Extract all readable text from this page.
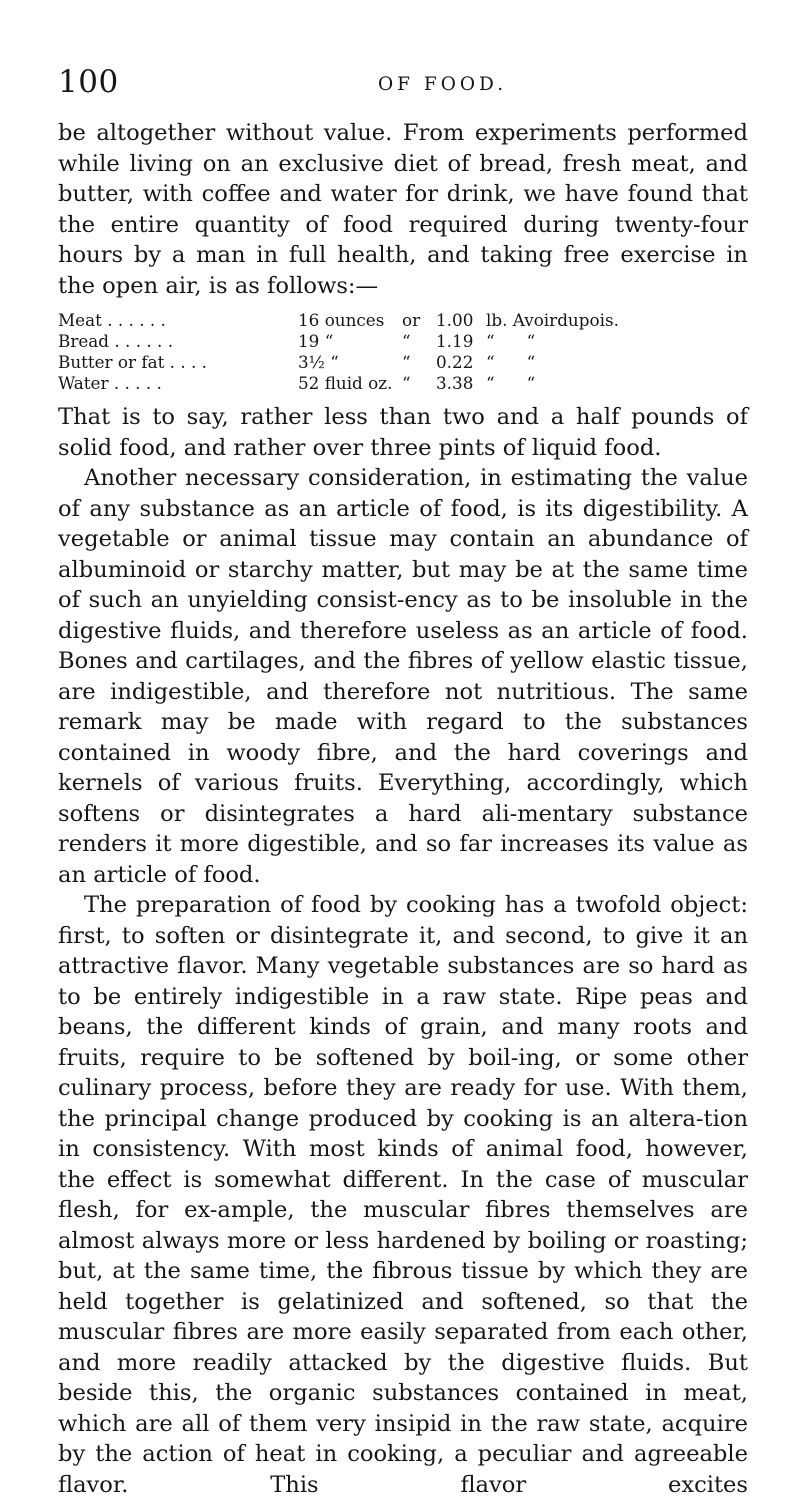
100	OF FOOD.

be altogether without value. From experiments performed while living on an exclusive diet of bread, fresh meat, and butter, with coffee and water for drink, we have found that the entire quantity of food required during twenty-four hours by a man in full health, and taking free exercise in the open air, is as follows:—

Meat . . . . . .	16 ounces	or	1.00	lb. Avoirdupois.
Bread . . . . . .	19 “	“	1.19	“      “
Butter or fat . . . .	3½ “	“	0.22	“      “
Water . . . . .	52 fluid oz.	“	3.38	“      “

That is to say, rather less than two and a half pounds of solid food, and rather over three pints of liquid food.

Another necessary consideration, in estimating the value of any substance as an article of food, is its digestibility. A vegetable or animal tissue may contain an abundance of albuminoid or starchy matter, but may be at the same time of such an unyielding consist-ency as to be insoluble in the digestive fluids, and therefore useless as an article of food. Bones and cartilages, and the fibres of yellow elastic tissue, are indigestible, and therefore not nutritious. The same remark may be made with regard to the substances contained in woody fibre, and the hard coverings and kernels of various fruits. Everything, accordingly, which softens or disintegrates a hard ali-mentary substance renders it more digestible, and so far increases its value as an article of food.

The preparation of food by cooking has a twofold object: first, to soften or disintegrate it, and second, to give it an attractive flavor. Many vegetable substances are so hard as to be entirely indigestible in a raw state. Ripe peas and beans, the different kinds of grain, and many roots and fruits, require to be softened by boil-ing, or some other culinary process, before they are ready for use. With them, the principal change produced by cooking is an altera-tion in consistency. With most kinds of animal food, however, the effect is somewhat different. In the case of muscular flesh, for ex-ample, the muscular fibres themselves are almost always more or less hardened by boiling or roasting; but, at the same time, the fibrous tissue by which they are held together is gelatinized and softened, so that the muscular fibres are more easily separated from each other, and more readily attacked by the digestive fluids. But beside this, the organic substances contained in meat, which are all of them very insipid in the raw state, acquire by the action of heat in cooking, a peculiar and agreeable flavor. This flavor excites
